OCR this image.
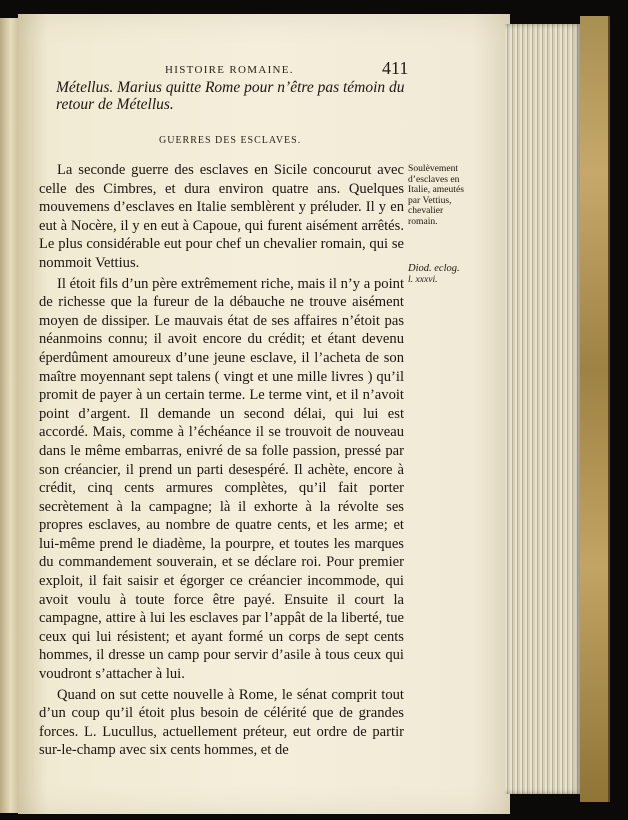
HISTOIRE ROMAINE.	411
Métellus. Marius quitte Rome pour n’être pas témoin du retour de Métellus.
GUERRES DES ESCLAVES.

La seconde guerre des esclaves en Sicile concourut avec celle des Cimbres, et dura environ quatre ans. Quelques mouvemens d’esclaves en Italie semblèrent y préluder. Il y en eut à Nocère, il y en eut à Capoue, qui furent aisément arrêtés. Le plus considérable eut pour chef un chevalier romain, qui se nommoit Vettius.

Il étoit fils d’un père extrêmement riche, mais il n’y a point de richesse que la fureur de la débauche ne trouve aisément moyen de dissiper. Le mauvais état de ses affaires n’étoit pas néanmoins connu; il avoit encore du crédit; et étant devenu éperdûment amoureux d’une jeune esclave, il l’acheta de son maître moyennant sept talens ( vingt et une mille livres ) qu’il promit de payer à un certain terme. Le terme vint, et il n’avoit point d’argent. Il demande un second délai, qui lui est accordé. Mais, comme à l’échéance il se trouvoit de nouveau dans le même embarras, enivré de sa folle passion, pressé par son créancier, il prend un parti desespéré. Il achète, encore à crédit, cinq cents armures complètes, qu’il fait porter secrètement à la campagne; là il exhorte à la révolte ses propres esclaves, au nombre de quatre cents, et les arme; et lui-même prend le diadème, la pourpre, et toutes les marques du commandement souverain, et se déclare roi. Pour premier exploit, il fait saisir et égorger ce créancier incommode, qui avoit voulu à toute force être payé. Ensuite il court la campagne, attire à lui les esclaves par l’appât de la liberté, tue ceux qui lui résistent; et ayant formé un corps de sept cents hommes, il dresse un camp pour servir d’asile à tous ceux qui voudront s’attacher à lui.

Quand on sut cette nouvelle à Rome, le sénat comprit tout d’un coup qu’il étoit plus besoin de célérité que de grandes forces. L. Lucullus, actuellement préteur, eut ordre de partir sur-le-champ avec six cents hommes, et de

Soulèvement d’esclaves en Italie, ameutés par Vettius, chevalier romain.
Diod. eclog.
l. xxxvi.
